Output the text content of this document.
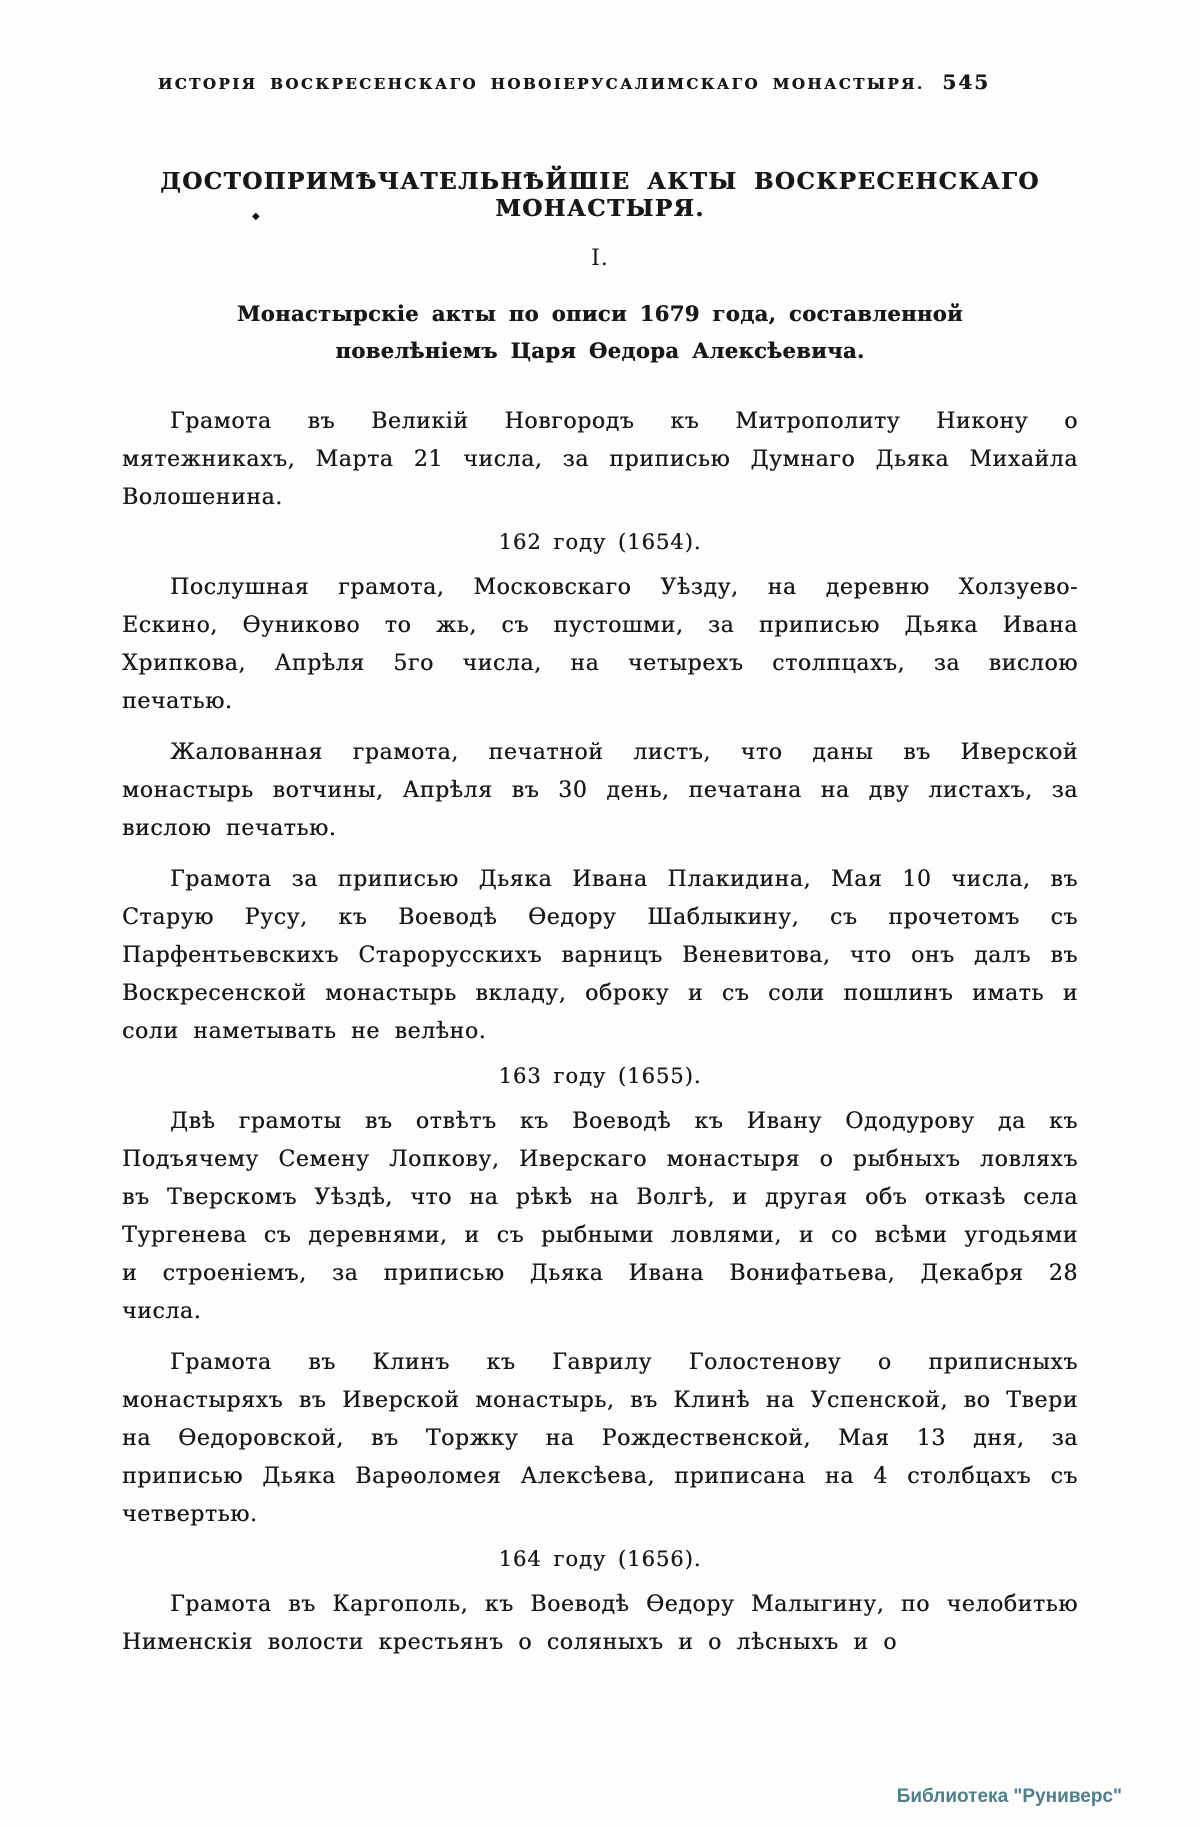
ИСТОРІЯ ВОСКРЕСЕНСКАГО НОВОІЕРУСАЛИМСКАГО МОНАСТЫРЯ. 545
◆
ДОСТОПРИМѢЧАТЕЛЬНѢЙШІЕ АКТЫ ВОСКРЕСЕНСКАГО МОНАСТЫРЯ.
I.
Монастырскіе акты по описи 1679 года, составленной повелѣніемъ Царя Ѳедора Алексѣевича.

Грамота въ Великій Новгородъ къ Митрополиту Никону о мятежникахъ, Марта 21 числа, за приписью Думнаго Дьяка Михайла Волошенина.

162 году (1654).

Послушная грамота, Московскаго Уѣзду, на деревню Холзуево-Ескино, Ѳуниково то жь, съ пустошми, за приписью Дьяка Ивана Хрипкова, Апрѣля 5го числа, на четырехъ столпцахъ, за вислою печатью.

Жалованная грамота, печатной листъ, что даны въ Иверской монастырь вотчины, Апрѣля въ 30 день, печатана на дву листахъ, за вислою печатью.

Грамота за приписью Дьяка Ивана Плакидина, Мая 10 числа, въ Старую Русу, къ Воеводѣ Ѳедору Шаблыкину, съ прочетомъ съ Парфентьевскихъ Старорусскихъ варницъ Веневитова, что онъ далъ въ Воскресенской монастырь вкладу, оброку и съ соли пошлинъ имать и соли наметывать не велѣно.

163 году (1655).

Двѣ грамоты въ отвѣтъ къ Воеводѣ къ Ивану Ододурову да къ Подъячему Семену Лопкову, Иверскаго монастыря о рыбныхъ ловляхъ въ Тверскомъ Уѣздѣ, что на рѣкѣ на Волгѣ, и другая объ отказѣ села Тургенева съ деревнями, и съ рыбными ловлями, и со всѣми угодьями и строеніемъ, за приписью Дьяка Ивана Вонифатьева, Декабря 28 числа.

Грамота въ Клинъ къ Гаврилу Голостенову о приписныхъ монастыряхъ въ Иверской монастырь, въ Клинѣ на Успенской, во Твери на Ѳедоровской, въ Торжку на Рождественской, Мая 13 дня, за приписью Дьяка Варѳоломея Алексѣева, приписана на 4 столбцахъ съ четвертью.

164 году (1656).

Грамота въ Каргополь, къ Воеводѣ Ѳедору Малыгину, по челобитью Нименскія волости крестьянъ о соляныхъ и о лѣсныхъ и о

Библиотека "Руниверс"
